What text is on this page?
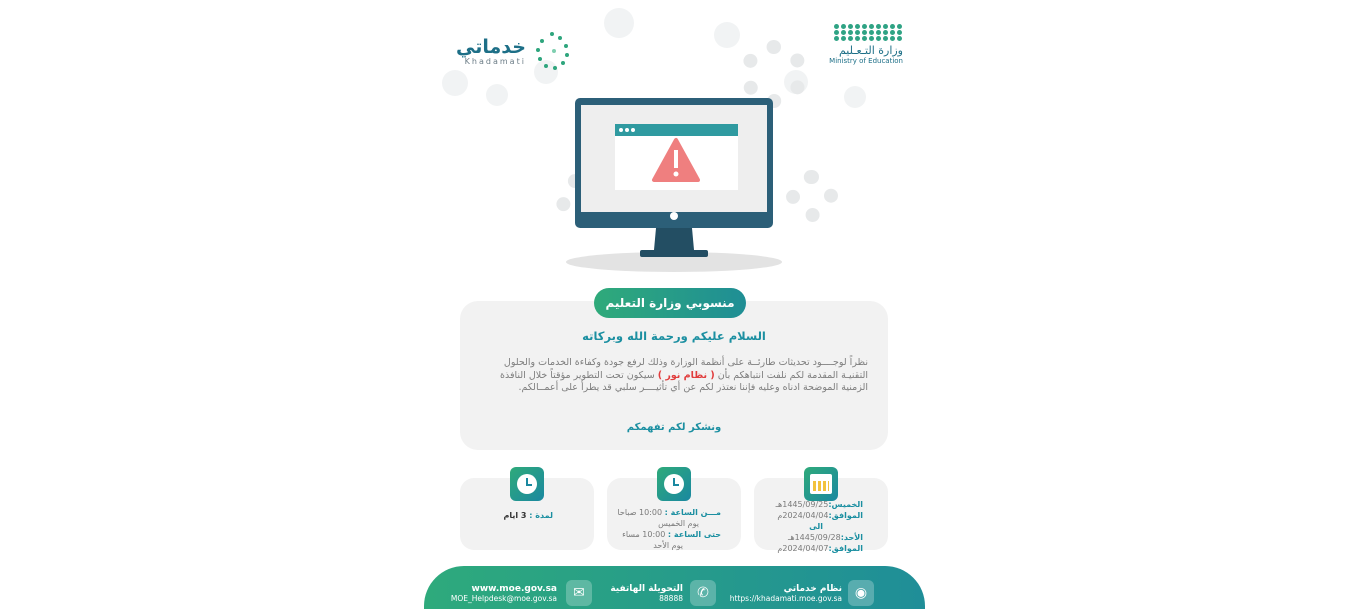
وزارة التـعـليم
Ministry of Education
خدماتي
Khadamati
منسوبي وزارة التعليم
السلام عليكم ورحمة الله وبركاته
نظراً لوجــــود تحديثات طارئــة على أنظمة الوزارة وذلك لرفع جودة وكفاءة الخدمات والحلول التقنيـة المقدمة لكم نلفت انتباهكم بأن ( نظام نور ) سيكون تحت التطوير مؤقتاً خلال النافذة الزمنية الموضحة ادناه وعليه فإننا نعتذر لكم عن أي تأثيــــر سلبي قد يطرأ على أعمــالكم.
ونشكر لكم تفهمكم
الخميس:1445/09/25هـ
الموافق:2024/04/04م
الى
الأحد:1445/09/28هـ
الموافق:2024/04/07م
مـــن الساعة : 10:00 صباحا
يوم الخميس
حتى الساعة : 10:00 مساء
يوم الأحد
لمدة : 3 ايام
◉
نظام خدماتي
https://khadamati.moe.gov.sa
✆
التحويلة الهاتفية
88888
✉
www.moe.gov.sa
MOE_Helpdesk@moe.gov.sa
